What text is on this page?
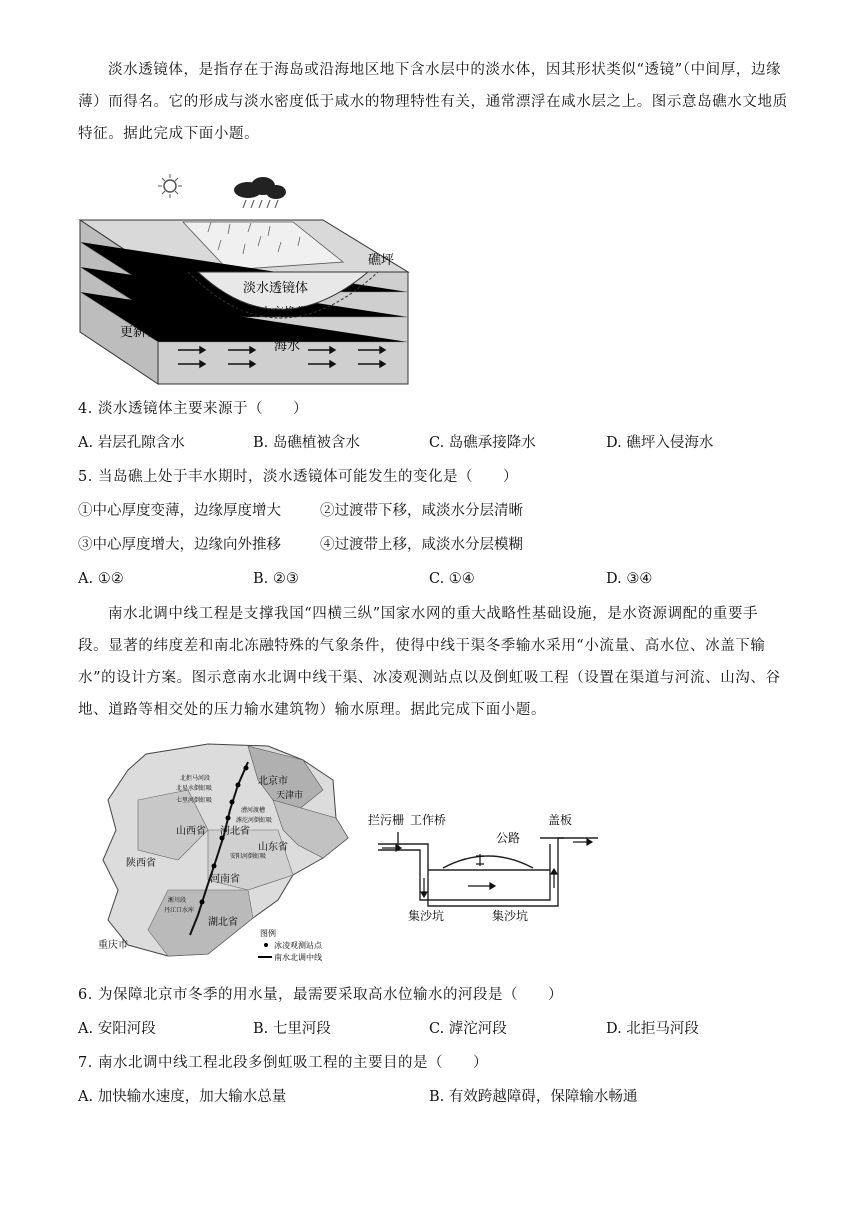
淡水透镜体，是指存在于海岛或沿海地区地下含水层中的淡水体，因其形状类似“透镜”（中间厚，边缘薄）而得名。它的形成与淡水密度低于咸水的物理特性有关，通常漂浮在咸水层之上。图示意岛礁水文地质特征。据此完成下面小题。
全新世
更新世
淡水透镜体
咸淡水交换带
礁坪
海水
4. 淡水透镜体主要来源于（　　）
A. 岩层孔隙含水	B. 岛礁植被含水	C. 岛礁承接降水	D. 礁坪入侵海水
5. 当岛礁上处于丰水期时，淡水透镜体可能发生的变化是（　　）
①中心厚度变薄，边缘厚度增大	②过渡带下移，咸淡水分层清晰
③中心厚度增大，边缘向外推移	④过渡带上移，咸淡水分层模糊
A. ①②	B. ②③	C. ①④	D. ③④
南水北调中线工程是支撑我国“四横三纵”国家水网的重大战略性基础设施，是水资源调配的重要手段。显著的纬度差和南北冻融特殊的气象条件，使得中线干渠冬季输水采用“小流量、高水位、冰盖下输水”的设计方案。图示意南水北调中线干渠、冰凌观测站点以及倒虹吸工程（设置在渠道与河流、山沟、谷地、道路等相交处的压力输水建筑物）输水原理。据此完成下面小题。
北京市
天津市
河北省
山西省
山东省
陕西省
河南省
湖北省
重庆市
北拒马河段
北易水倒虹吸
七里河倒虹吸
漕河渡槽
滹沱河倒虹吸
安阳河倒虹吸
淅川段
丹江口水库
图例
冰凌观测站点
南水北调中线
拦污栅 工作桥
公路
盖板
集沙坑	集沙坑
6. 为保障北京市冬季的用水量，最需要采取高水位输水的河段是（　　）
A. 安阳河段	B. 七里河段	C. 滹沱河段	D. 北拒马河段
7. 南水北调中线工程北段多倒虹吸工程的主要目的是（　　）
A. 加快输水速度，加大输水总量	B. 有效跨越障碍，保障输水畅通
